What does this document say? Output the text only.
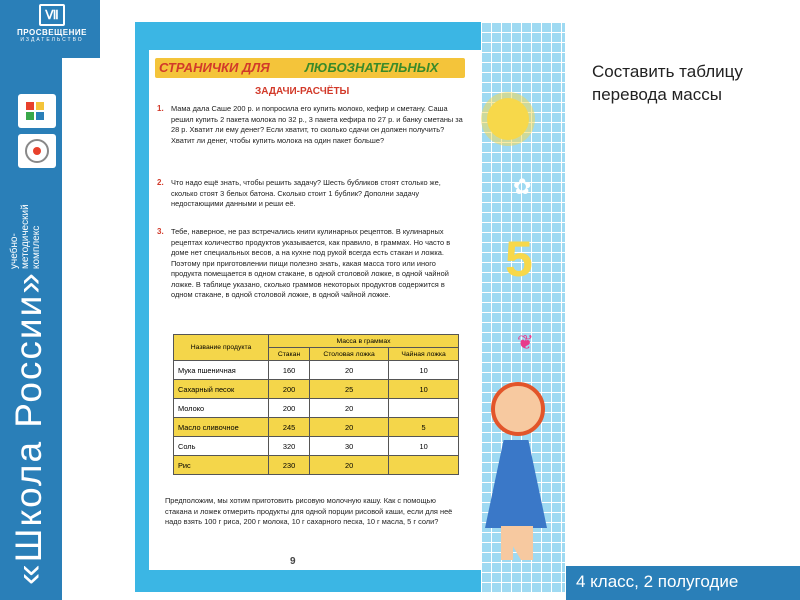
Ⅶ
ПРОСВЕЩЕНИЕ
ИЗДАТЕЛЬСТВО
«Школа России»
учебно- методический комплекс
СТРАНИЧКИ ДЛЯ	ЛЮБОЗНАТЕЛЬНЫХ
ЗАДАЧИ-РАСЧЁТЫ
1. Мама дала Саше 200 р. и попросила его купить молоко, кефир и сметану. Саша решил купить 2 пакета молока по 32 р., 3 пакета кефира по 27 р. и банку сметаны за 28 р. Хватит ли ему денег? Если хватит, то сколько сдачи он должен получить? Хватит ли денег, чтобы купить молока на один пакет больше?
2. Что надо ещё знать, чтобы решить задачу? Шесть бубликов стоят столько же, сколько стоят 3 белых батона. Сколько стоит 1 бублик? Дополни задачу недостающими данными и реши её.
3. Тебе, наверное, не раз встречались книги кулинарных рецептов. В кулинарных рецептах количество продуктов указывается, как правило, в граммах. Но часто в доме нет специальных весов, а на кухне под рукой всегда есть стакан и ложка. Поэтому при приготовлении пищи полезно знать, какая масса того или иного продукта помещается в одном стакане, в одной столовой ложке, в одной чайной ложке. В таблице указано, сколько граммов некоторых продуктов содержится в одном стакане, в одной столовой ложке, в одной чайной ложке.
Название продукта	Масса в граммах		
	Стакан	Столовая ложка	Чайная ложка
Мука пшеничная	160	20	10
Сахарный песок	200	25	10
Молоко	200	20	
Масло сливочное	245	20	5
Соль	320	30	10
Рис	230	20	
Предположим, мы хотим приготовить рисовую молочную кашу. Как с помощью стакана и ложек отмерить продукты для одной порции рисовой каши, если для неё надо взять 100 г риса, 200 г молока, 10 г сахарного песка, 10 г масла, 5 г соли?
9
✿
5
❦
Составить таблицу перевода массы
4 класс, 2 полугодие
